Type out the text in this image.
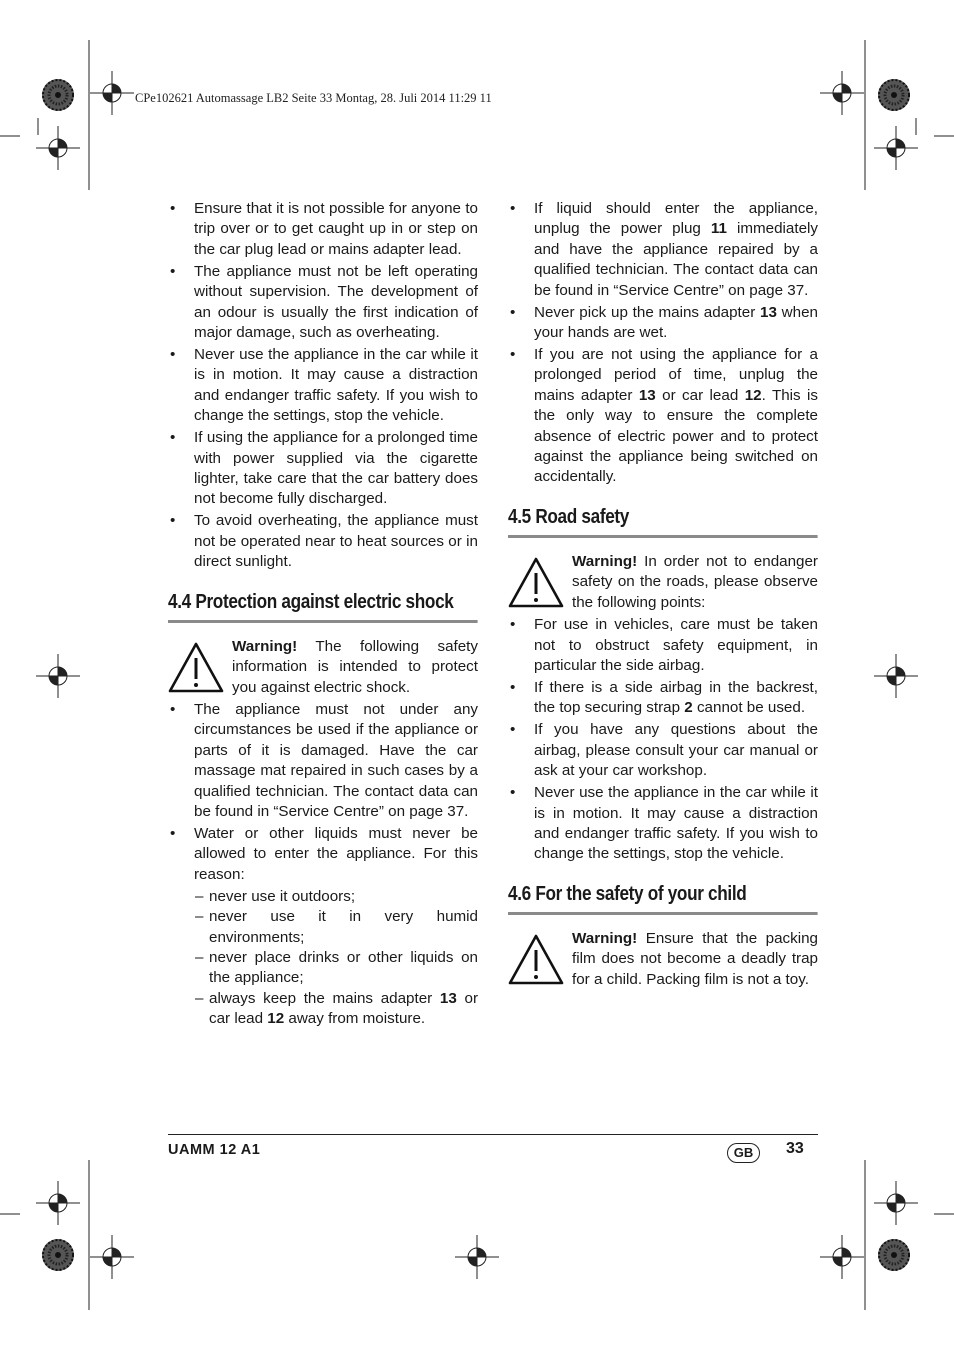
CPe102621 Automassage LB2 Seite 33 Montag, 28. Juli 2014 11:29 11

• Ensure that it is not possible for anyone to trip over or to get caught up in or step on the car plug lead or mains adapter lead.

• The appliance must not be left operating without supervision. The development of an odour is usually the first indication of major damage, such as overheating.

• Never use the appliance in the car while it is in motion. It may cause a distraction and endanger traffic safety. If you wish to change the settings, stop the vehicle.

• If using the appliance for a prolonged time with power supplied via the cigarette lighter, take care that the car battery does not become fully discharged.

• To avoid overheating, the appliance must not be operated near to heat sources or in direct sunlight.

4.4 Protection against electric shock

Warning! The following safety information is intended to protect you against electric shock.

• The appliance must not under any circumstances be used if the appliance or parts of it is damaged. Have the car massage mat repaired in such cases by a qualified technician. The contact data can be found in “Service Centre” on page 37.

• Water or other liquids must never be allowed to enter the appliance. For this reason:

– never use it outdoors;

– never use it in very humid environments;

– never place drinks or other liquids on the appliance;

– always keep the mains adapter 13 or car lead 12 away from moisture.

• If liquid should enter the appliance, unplug the power plug 11 immediately and have the appliance repaired by a qualified technician. The contact data can be found in “Service Centre” on page 37.

• Never pick up the mains adapter 13 when your hands are wet.

• If you are not using the appliance for a prolonged period of time, unplug the mains adapter 13 or car lead 12. This is the only way to ensure the complete absence of electric power and to protect against the appliance being switched on accidentally.

4.5 Road safety

Warning! In order not to endanger safety on the roads, please observe the following points:

• For use in vehicles, care must be taken not to obstruct safety equipment, in particular the side airbag.

• If there is a side airbag in the backrest, the top securing strap 2 cannot be used.

• If you have any questions about the airbag, please consult your car manual or ask at your car workshop.

• Never use the appliance in the car while it is in motion. It may cause a distraction and endanger traffic safety. If you wish to change the settings, stop the vehicle.

4.6 For the safety of your child

Warning! Ensure that the packing film does not become a deadly trap for a child. Packing film is not a toy.

UAMM 12 A1	GB	33
